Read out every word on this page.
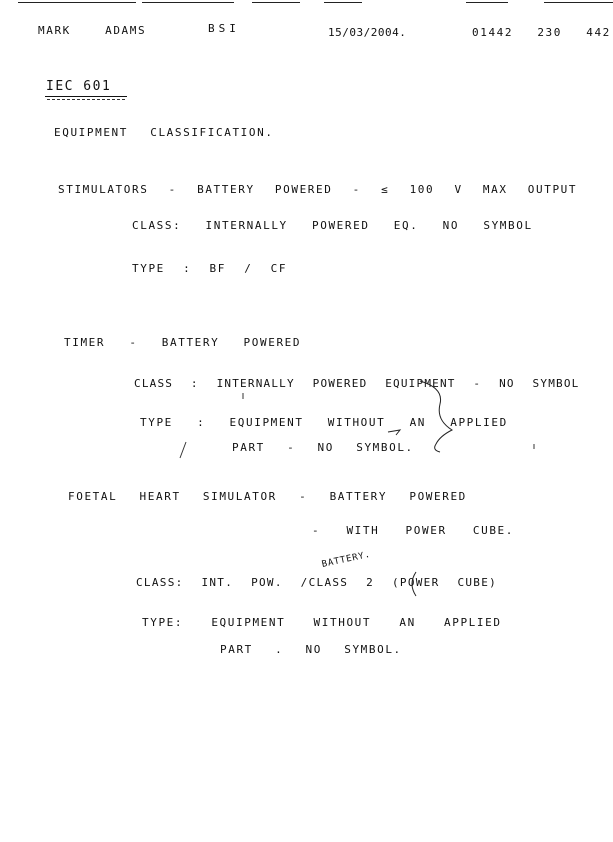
MARK ADAMS	BSI	15/03/2004.	01442 230 442
IEC 601
EQUIPMENT CLASSIFICATION.
STIMULATORS - BATTERY POWERED - ≤ 100 V MAX OUTPUT
CLASS: INTERNALLY POWERED EQ. NO SYMBOL
TYPE : BF / CF
TIMER - BATTERY POWERED
CLASS : INTERNALLY POWERED EQUIPMENT - NO SYMBOL
TYPE : EQUIPMENT WITHOUT AN APPLIED
PART - NO SYMBOL.
FOETAL HEART SIMULATOR - BATTERY POWERED
- WITH POWER CUBE.
BATTERY.
CLASS: INT. POW. /CLASS 2 (POWER CUBE)
TYPE: EQUIPMENT WITHOUT AN APPLIED
PART . NO SYMBOL.
